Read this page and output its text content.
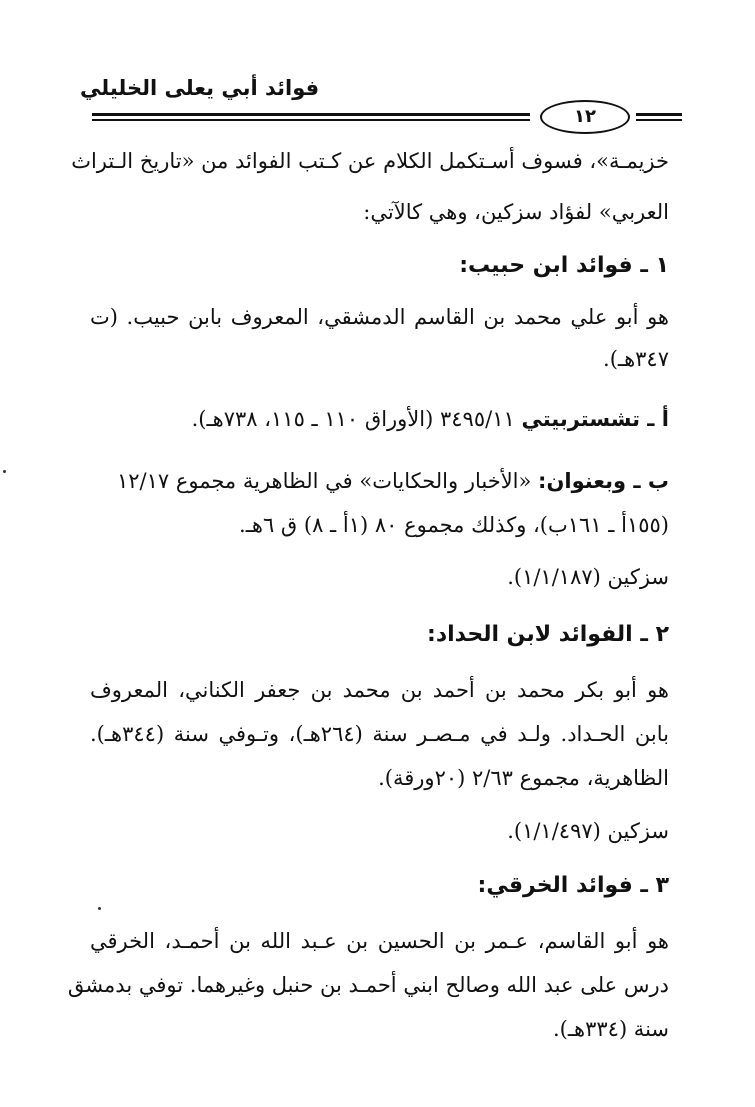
فوائد أبي يعلى الخليلي
١٢
خزيمـة»، فسوف أسـتكمل الكلام عن كـتب الفوائد من «تاريخ الـتراث
العربي» لفؤاد سزكين، وهي كالآتي:
١ ـ فوائد ابن حبيب:
هو أبو علي محمد بن القاسم الدمشقي، المعروف بابن حبيب. (ت
٣٤٧هـ).
أ ـ تشستربيتي ٣٤٩٥/١١ (الأوراق ١١٠ ـ ١١٥، ٧٣٨هـ).
ب ـ وبعنوان: «الأخبار والحكايات» في الظاهرية مجموع ١٢/١٧
(١٥٥أ ـ ١٦١ب)، وكذلك مجموع ٨٠ (١أ ـ ٨) ق ٦هـ.
سزكين (١/١/١٨٧).
٢ ـ الفوائد لابن الحداد:
هو أبو بكر محمد بن أحمد بن محمد بن جعفر الكناني، المعروف
بابن الحـداد. ولـد في مـصـر سنة (٢٦٤هـ)، وتـوفي سنة (٣٤٤هـ).
الظاهرية، مجموع ٢/٦٣ (٢٠ورقة).
سزكين (١/١/٤٩٧).
٣ ـ فوائد الخرقي:
هو أبو القاسم، عـمر بن الحسين بن عـبد الله بن أحمـد، الخرقي
درس على عبد الله وصالح ابني أحمـد بن حنبل وغيرهما. توفي بدمشق
سنة (٣٣٤هـ).
